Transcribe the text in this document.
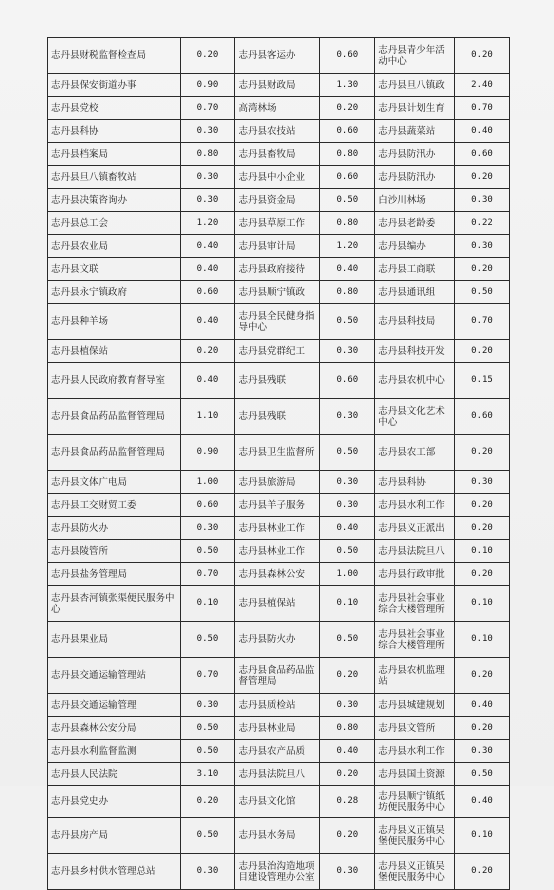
志丹县财税监督检查局	0.20	志丹县客运办	0.60	志丹县青少年活动中心	0.20
志丹县保安街道办事	0.90	志丹县财政局	1.30	志丹县旦八镇政	2.40
志丹县党校	0.70	高湾林场	0.20	志丹县计划生育	0.70
志丹县科协	0.30	志丹县农技站	0.60	志丹县蔬菜站	0.40
志丹县档案局	0.80	志丹县畜牧局	0.80	志丹县防汛办	0.60
志丹县旦八镇畜牧站	0.30	志丹县中小企业	0.60	志丹县防汛办	0.20
志丹县决策咨询办	0.30	志丹县资金局	0.50	白沙川林场	0.30
志丹县总工会	1.20	志丹县草原工作	0.80	志丹县老龄委	0.22
志丹县农业局	0.40	志丹县审计局	1.20	志丹县编办	0.30
志丹县文联	0.40	志丹县政府接待	0.40	志丹县工商联	0.20
志丹县永宁镇政府	0.60	志丹县顺宁镇政	0.80	志丹县通讯组	0.50
志丹县种羊场	0.40	志丹县全民健身指导中心	0.50	志丹县科技局	0.70
志丹县植保站	0.20	志丹县党群纪工	0.30	志丹县科技开发	0.20
志丹县人民政府教育督导室	0.40	志丹县残联	0.60	志丹县农机中心	0.15
志丹县食品药品监督管理局	1.10	志丹县残联	0.30	志丹县文化艺术中心	0.60
志丹县食品药品监督管理局	0.90	志丹县卫生监督所	0.50	志丹县农工部	0.20
志丹县文体广电局	1.00	志丹县旅游局	0.30	志丹县科协	0.30
志丹县工交财贸工委	0.60	志丹县羊子服务	0.30	志丹县水利工作	0.20
志丹县防火办	0.30	志丹县林业工作	0.40	志丹县义正派出	0.20
志丹县陵管所	0.50	志丹县林业工作	0.50	志丹县法院旦八	0.10
志丹县盐务管理局	0.70	志丹县森林公安	1.00	志丹县行政审批	0.20
志丹县杏河镇张渠便民服务中心	0.10	志丹县植保站	0.10	志丹县社会事业综合大楼管理所	0.10
志丹县果业局	0.50	志丹县防火办	0.50	志丹县社会事业综合大楼管理所	0.10
志丹县交通运输管理站	0.70	志丹县食品药品监督管理局	0.20	志丹县农机监理站	0.20
志丹县交通运输管理	0.30	志丹县质检站	0.30	志丹县城建规划	0.40
志丹县森林公安分局	0.50	志丹县林业局	0.80	志丹县文管所	0.20
志丹县水利监督监测	0.50	志丹县农产品质	0.40	志丹县水利工作	0.30
志丹县人民法院	3.10	志丹县法院旦八	0.20	志丹县国土资源	0.50
志丹县党史办	0.20	志丹县文化馆	0.28	志丹县顺宁镇纸坊便民服务中心	0.40
志丹县房产局	0.50	志丹县水务局	0.20	志丹县义正镇吴堡便民服务中心	0.10
志丹县乡村供水管理总站	0.30	志丹县治沟造地项目建设管理办公室	0.30	志丹县义正镇吴堡便民服务中心	0.20
